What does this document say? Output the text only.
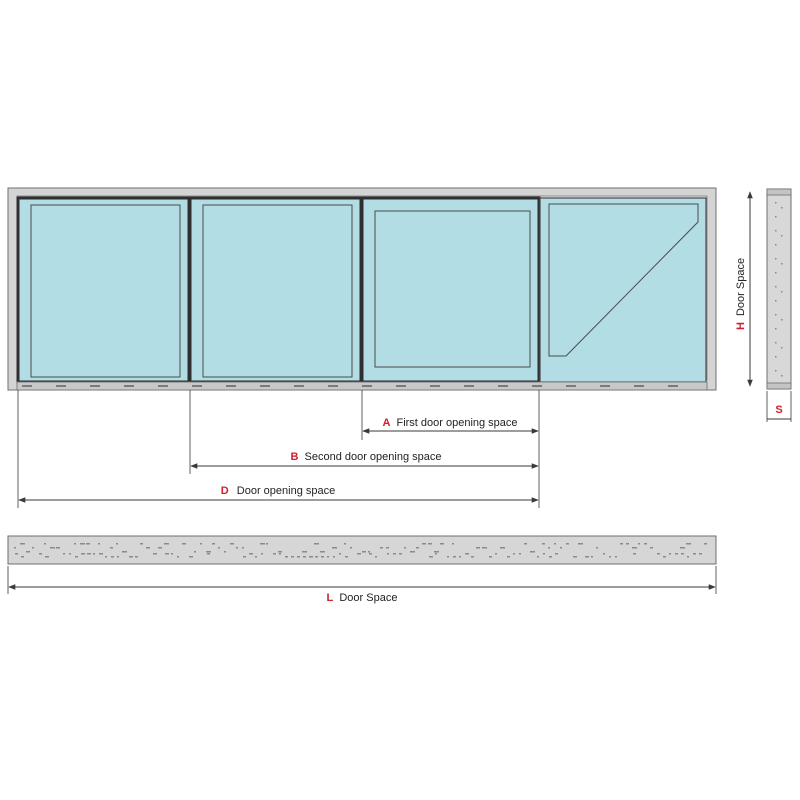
H Door Space
S
A First door opening space
B Second door opening space
D Door opening space
L Door Space
